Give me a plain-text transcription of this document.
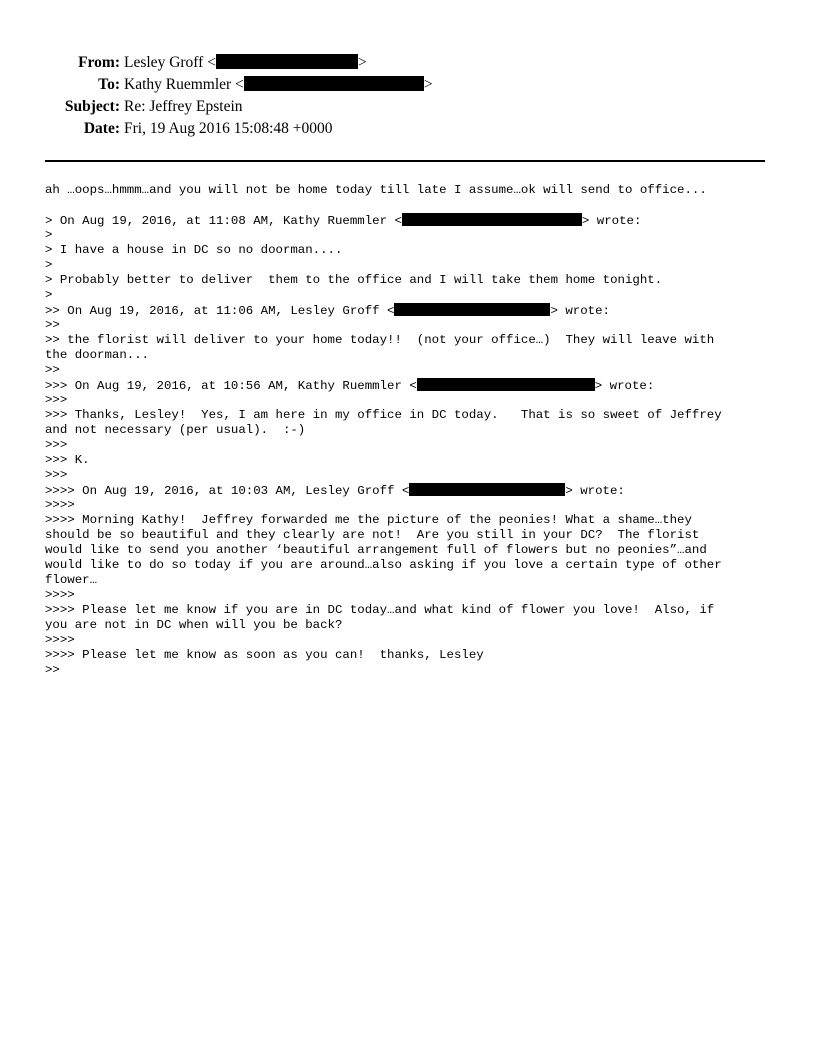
From: Lesley Groff <	>
To: Kathy Ruemmler <	>
Subject: Re: Jeffrey Epstein
Date: Fri, 19 Aug 2016 15:08:48 +0000
ah …oops…hmmm…and you will not be home today till late I assume…ok will send to office...

> On Aug 19, 2016, at 11:08 AM, Kathy Ruemmler <	> wrote:
>
> I have a house in DC so no doorman....
>
> Probably better to deliver  them to the office and I will take them home tonight.
>
>> On Aug 19, 2016, at 11:06 AM, Lesley Groff <	> wrote:
>>
>> the florist will deliver to your home today!!  (not your office…)  They will leave with
the doorman...
>>
>>> On Aug 19, 2016, at 10:56 AM, Kathy Ruemmler <	> wrote:
>>>
>>> Thanks, Lesley!  Yes, I am here in my office in DC today.   That is so sweet of Jeffrey
and not necessary (per usual).  :-)
>>>
>>> K.
>>>
>>>> On Aug 19, 2016, at 10:03 AM, Lesley Groff <	> wrote:
>>>>
>>>> Morning Kathy!  Jeffrey forwarded me the picture of the peonies! What a shame…they
should be so beautiful and they clearly are not!  Are you still in your DC?  The florist
would like to send you another ‘beautiful arrangement full of flowers but no peonies”…and
would like to do so today if you are around…also asking if you love a certain type of other
flower…
>>>>
>>>> Please let me know if you are in DC today…and what kind of flower you love!  Also, if
you are not in DC when will you be back?
>>>>
>>>> Please let me know as soon as you can!  thanks, Lesley
>>
